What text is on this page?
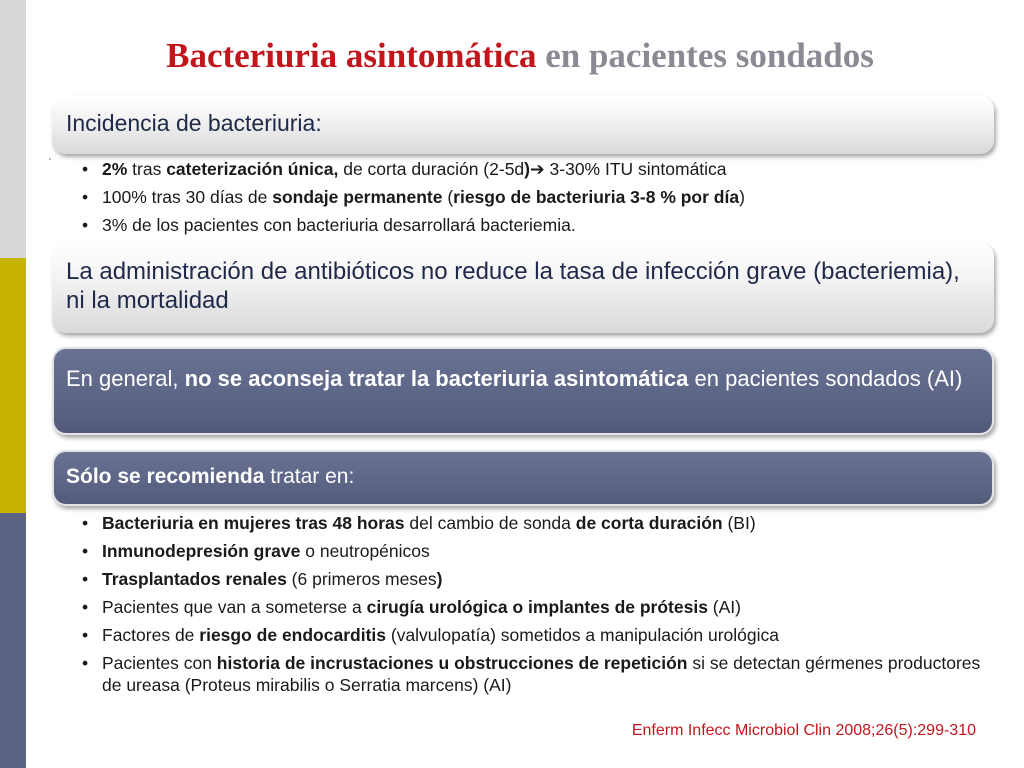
Bacteriuria asintomática en pacientes sondados
Incidencia de bacteriuria:
'
•	2% tras cateterización única, de corta duración (2-5d)➔ 3-30% ITU sintomática
• 100% tras 30 días de sondaje permanente (riesgo de bacteriuria 3-8 % por día)
• 3% de los pacientes con bacteriuria desarrollará bacteriemia.
La administración de antibióticos no reduce la tasa de infección grave (bacteriemia), ni la mortalidad
En general, no se aconseja tratar la bacteriuria asintomática en pacientes sondados (AI)
Sólo se recomienda tratar en:
• Bacteriuria en mujeres tras 48 horas del cambio de sonda de corta duración (BI)
• Inmunodepresión grave o neutropénicos
• Trasplantados renales (6 primeros meses)
• Pacientes que van a someterse a cirugía urológica o implantes de prótesis (AI)
• Factores de riesgo de endocarditis (valvulopatía) sometidos a manipulación urológica
• Pacientes con historia de incrustaciones u obstrucciones de repetición si se detectan gérmenes productores de ureasa (Proteus mirabilis o Serratia marcens) (AI)
Enferm Infecc Microbiol Clin 2008;26(5):299-310
